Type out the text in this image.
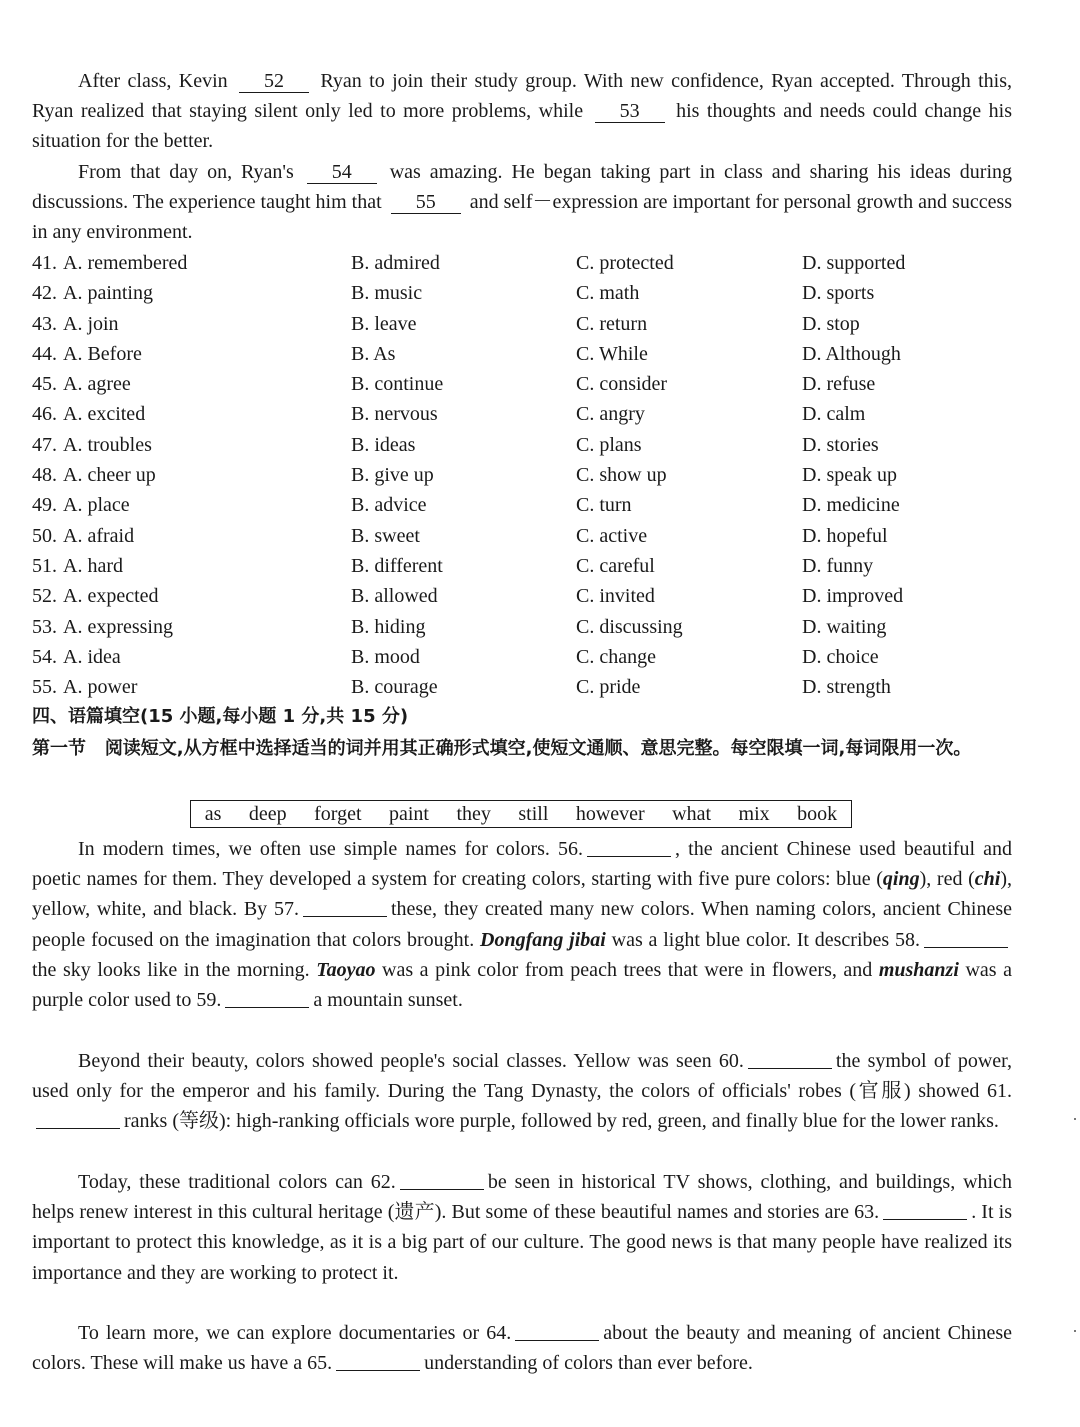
After class, Kevin 52 Ryan to join their study group. With new confidence, Ryan accepted. Through this, Ryan realized that staying silent only led to more problems, while 53 his thoughts and needs could change his situation for the better.
From that day on, Ryan's 54 was amazing. He began taking part in class and sharing his ideas during discussions. The experience taught him that 55 and self－expression are important for personal growth and success in any environment.
41. A. remembered	B. admired	C. protected	D. supported
42. A. painting	B. music	C. math	D. sports
43. A. join	B. leave	C. return	D. stop
44. A. Before	B. As	C. While	D. Although
45. A. agree	B. continue	C. consider	D. refuse
46. A. excited	B. nervous	C. angry	D. calm
47. A. troubles	B. ideas	C. plans	D. stories
48. A. cheer up	B. give up	C. show up	D. speak up
49. A. place	B. advice	C. turn	D. medicine
50. A. afraid	B. sweet	C. active	D. hopeful
51. A. hard	B. different	C. careful	D. funny
52. A. expected	B. allowed	C. invited	D. improved
53. A. expressing	B. hiding	C. discussing	D. waiting
54. A. idea	B. mood	C. change	D. choice
55. A. power	B. courage	C. pride	D. strength
四、语篇填空(15 小题,每小题 1 分,共 15 分)
第一节 阅读短文,从方框中选择适当的词并用其正确形式填空,使短文通顺、意思完整。每空限填一词,每词限用一次。
as deep forget paint they still however what mix book
In modern times, we often use simple names for colors. 56.	, the ancient Chinese used beautiful and poetic names for them. They developed a system for creating colors, starting with five pure colors: blue (qing), red (chi), yellow, white, and black. By 57.	these, they created many new colors. When naming colors, ancient Chinese people focused on the imagination that colors brought. Dongfang jibai was a light blue color. It describes 58.the sky looks like in the morning. Taoyao was a pink color from peach trees that were in flowers, and mushanzi was a purple color used to 59.	a mountain sunset.
Beyond their beauty, colors showed people's social classes. Yellow was seen 60.	the symbol of power, used only for the emperor and his family. During the Tang Dynasty, the colors of officials' robes (官服) showed 61.ranks (等级): high-ranking officials wore purple, followed by red, green, and finally blue for the lower ranks.
Today, these traditional colors can 62.	be seen in historical TV shows, clothing, and buildings, which helps renew interest in this cultural heritage (遗产). But some of these beautiful names and stories are 63.	. It is important to protect this knowledge, as it is a big part of our culture. The good news is that many people have realized its importance and they are working to protect it.
To learn more, we can explore documentaries or 64.	about the beauty and meaning of ancient Chinese colors. These will make us have a 65.	understanding of colors than ever before.
